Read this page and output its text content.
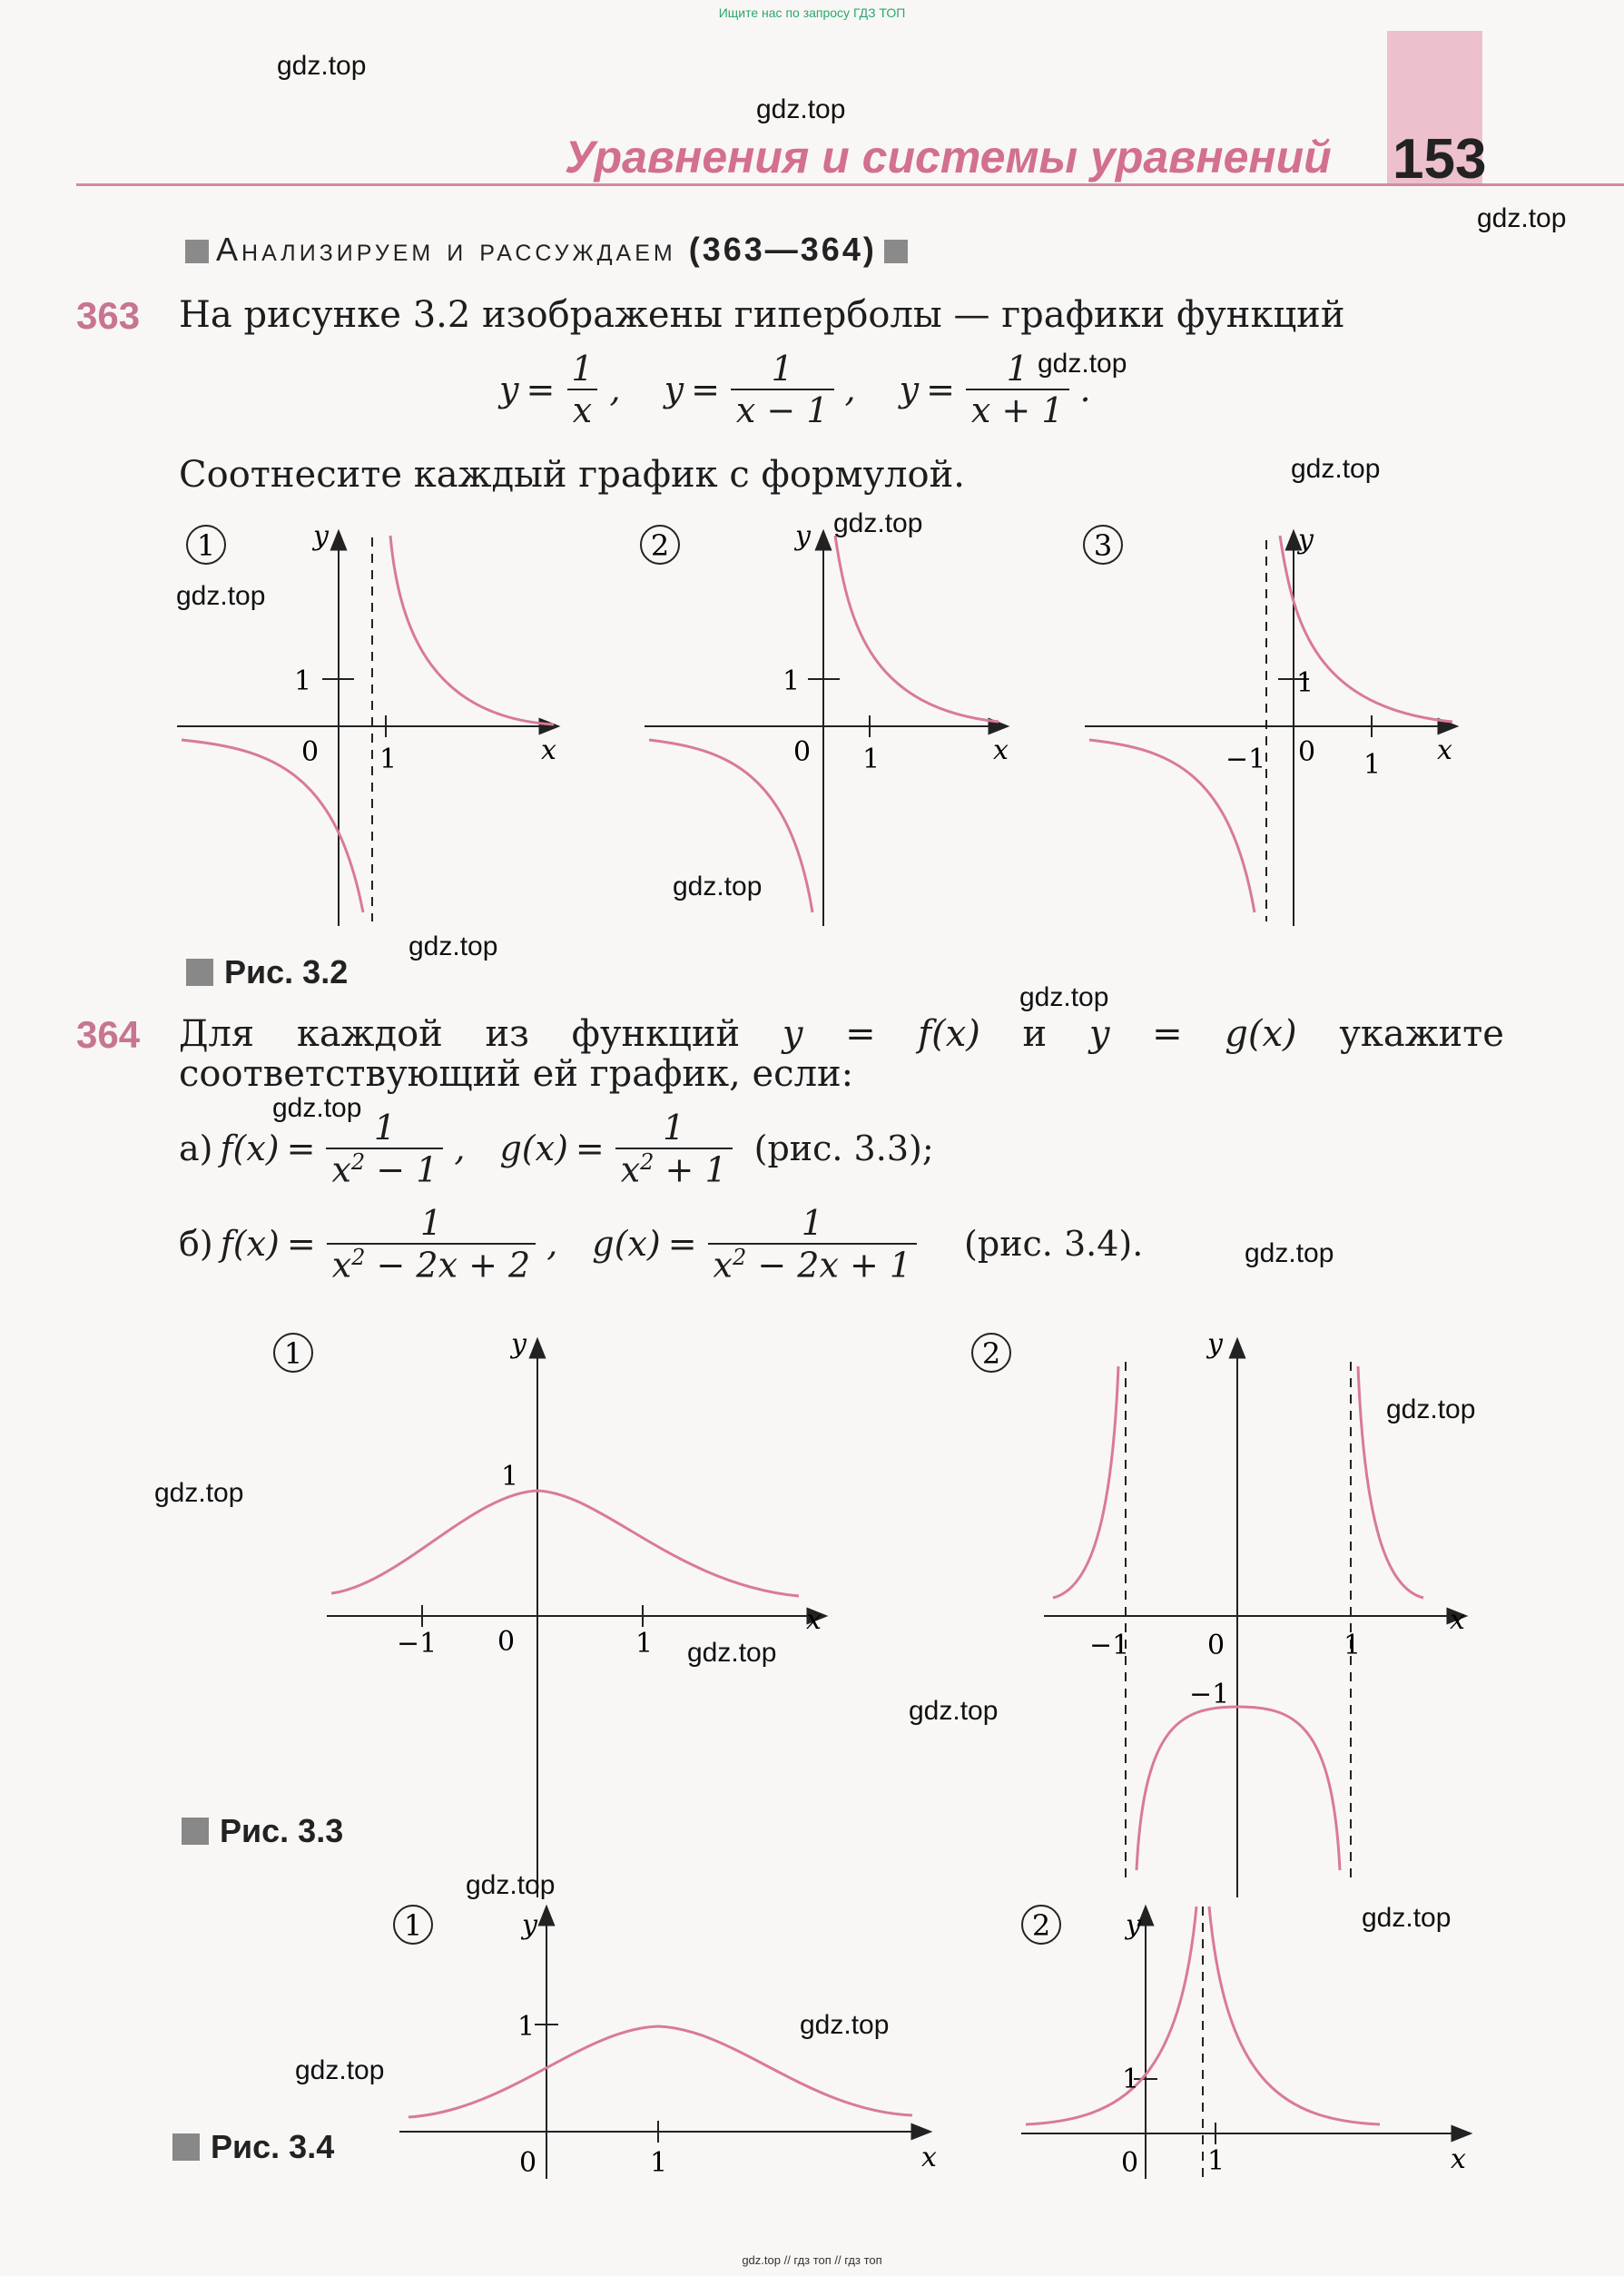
Ищите нас по запросу ГДЗ ТОП
gdz.top // гдз топ // гдз топ
Уравнения и системы уравнений 153
Анализируем и рассуждаем (363—364)
363 На рисунке 3.2 изображены гиперболы — графики функций
$y = \frac{1}{x}$ , $y = \frac{1}{x - 1}$ , $y = \frac{1}{x + 1}$ .
Соотнесите каждый график с формулой.
1	y
x
0
1
1
2	y
x
0
1
1
3	y
x
0
1
−1	1
Рис. 3.2
364 Для каждой из функций y = f(x) и y = g(x) укажите
соответствующий ей график, если:
а) $f(x) = \frac{1}{x^2 - 1}$ , $g(x) = \frac{1}{x^2 + 1} (рис$. 3.3);
б) $f(x) = \frac{1}{x^2 - 2x + 2}$ , $g(x) = \frac{1}{x^2 - 2x + 1} (рис$. 3.4).
1	y
x
0
1
−1	1
2	y
x
0
−1
−1	1
Рис. 3.3
1	y
x
0
1
1
2	y
x
0
1
1
Рис. 3.4
gdz.top
gdz.top
gdz.top
gdz.top
gdz.top
gdz.top
gdz.top
gdz.top
gdz.top
gdz.top
gdz.top
gdz.top
gdz.top
gdz.top
gdz.top
gdz.top
gdz.top
gdz.top
gdz.top
gdz.top
